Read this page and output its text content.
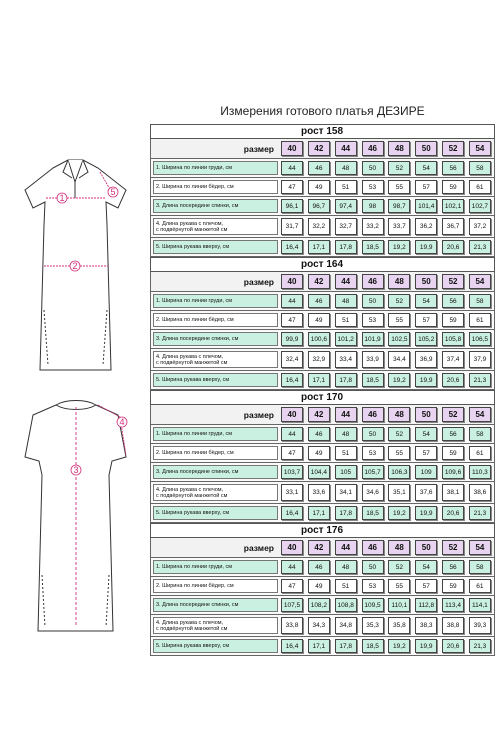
Измерения готового платья ДЕЗИРЕ
1
2
5
3
4
рост 158
размер	40	42	44	46	48	50	52	54
1. Ширина по линии груди, см	44	46	48	50	52	54	56	58
2. Ширина по линии бёдер, см	47	49	51	53	55	57	59	61
3. Длина посередине спинки, см	96,1	96,7	97,4	98	98,7	101,4	102,1	102,7
4. Длина рукава с плечом,
с подвёрнутой манжетой см	31,7	32,2	32,7	33,2	33,7	36,2	36,7	37,2
5. Ширина рукава вверху, см	16,4	17,1	17,8	18,5	19,2	19,9	20,6	21,3
рост 164
размер	40	42	44	46	48	50	52	54
1. Ширина по линии груди, см	44	46	48	50	52	54	56	58
2. Ширина по линии бёдер, см	47	49	51	53	55	57	59	61
3. Длина посередине спинки, см	99,9	100,6	101,2	101,9	102,5	105,2	105,8	106,5
4. Длина рукава с плечом,
с подвёрнутой манжетой см	32,4	32,9	33,4	33,9	34,4	36,9	37,4	37,9
5. Ширина рукава вверху, см	16,4	17,1	17,8	18,5	19,2	19,9	20,6	21,3
рост 170
размер	40	42	44	46	48	50	52	54
1. Ширина по линии груди, см	44	46	48	50	52	54	56	58
2. Ширина по линии бёдер, см	47	49	51	53	55	57	59	61
3. Длина посередине спинки, см	103,7	104,4	105	105,7	106,3	109	109,6	110,3
4. Длина рукава с плечом,
с подвёрнутой манжетой см	33,1	33,6	34,1	34,6	35,1	37,6	38,1	38,6
5. Ширина рукава вверху, см	16,4	17,1	17,8	18,5	19,2	19,9	20,6	21,3
рост 176
размер	40	42	44	46	48	50	52	54
1. Ширина по линии груди, см	44	46	48	50	52	54	56	58
2. Ширина по линии бёдер, см	47	49	51	53	55	57	59	61
3. Длина посередине спинки, см	107,5	108,2	108,8	109,5	110,1	112,8	113,4	114,1
4. Длина рукава с плечом,
с подвёрнутой манжетой см	33,8	34,3	34,8	35,3	35,8	38,3	38,8	39,3
5. Ширина рукава вверху, см	16,4	17,1	17,8	18,5	19,2	19,9	20,6	21,3
